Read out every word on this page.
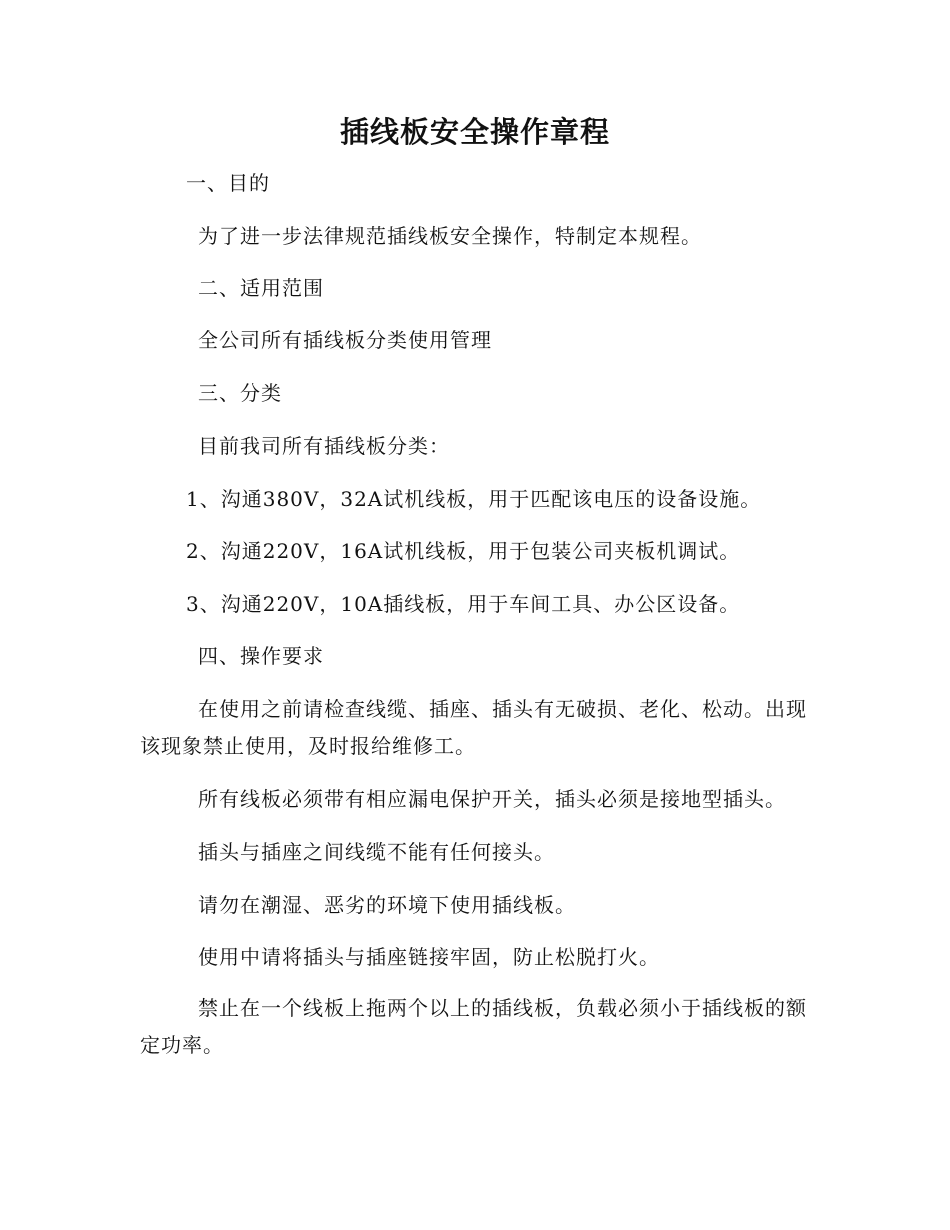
插线板安全操作章程
一、目的
为了进一步法律规范插线板安全操作，特制定本规程。
二、适用范围
全公司所有插线板分类使用管理
三、分类
目前我司所有插线板分类：
1、沟通380V，32A试机线板，用于匹配该电压的设备设施。
2、沟通220V，16A试机线板，用于包装公司夹板机调试。
3、沟通220V，10A插线板，用于车间工具、办公区设备。
四、操作要求
在使用之前请检查线缆、插座、插头有无破损、老化、松动。出现该现象禁止使用，及时报给维修工。
所有线板必须带有相应漏电保护开关，插头必须是接地型插头。
插头与插座之间线缆不能有任何接头。
请勿在潮湿、恶劣的环境下使用插线板。
使用中请将插头与插座链接牢固，防止松脱打火。
禁止在一个线板上拖两个以上的插线板，负载必须小于插线板的额定功率。
